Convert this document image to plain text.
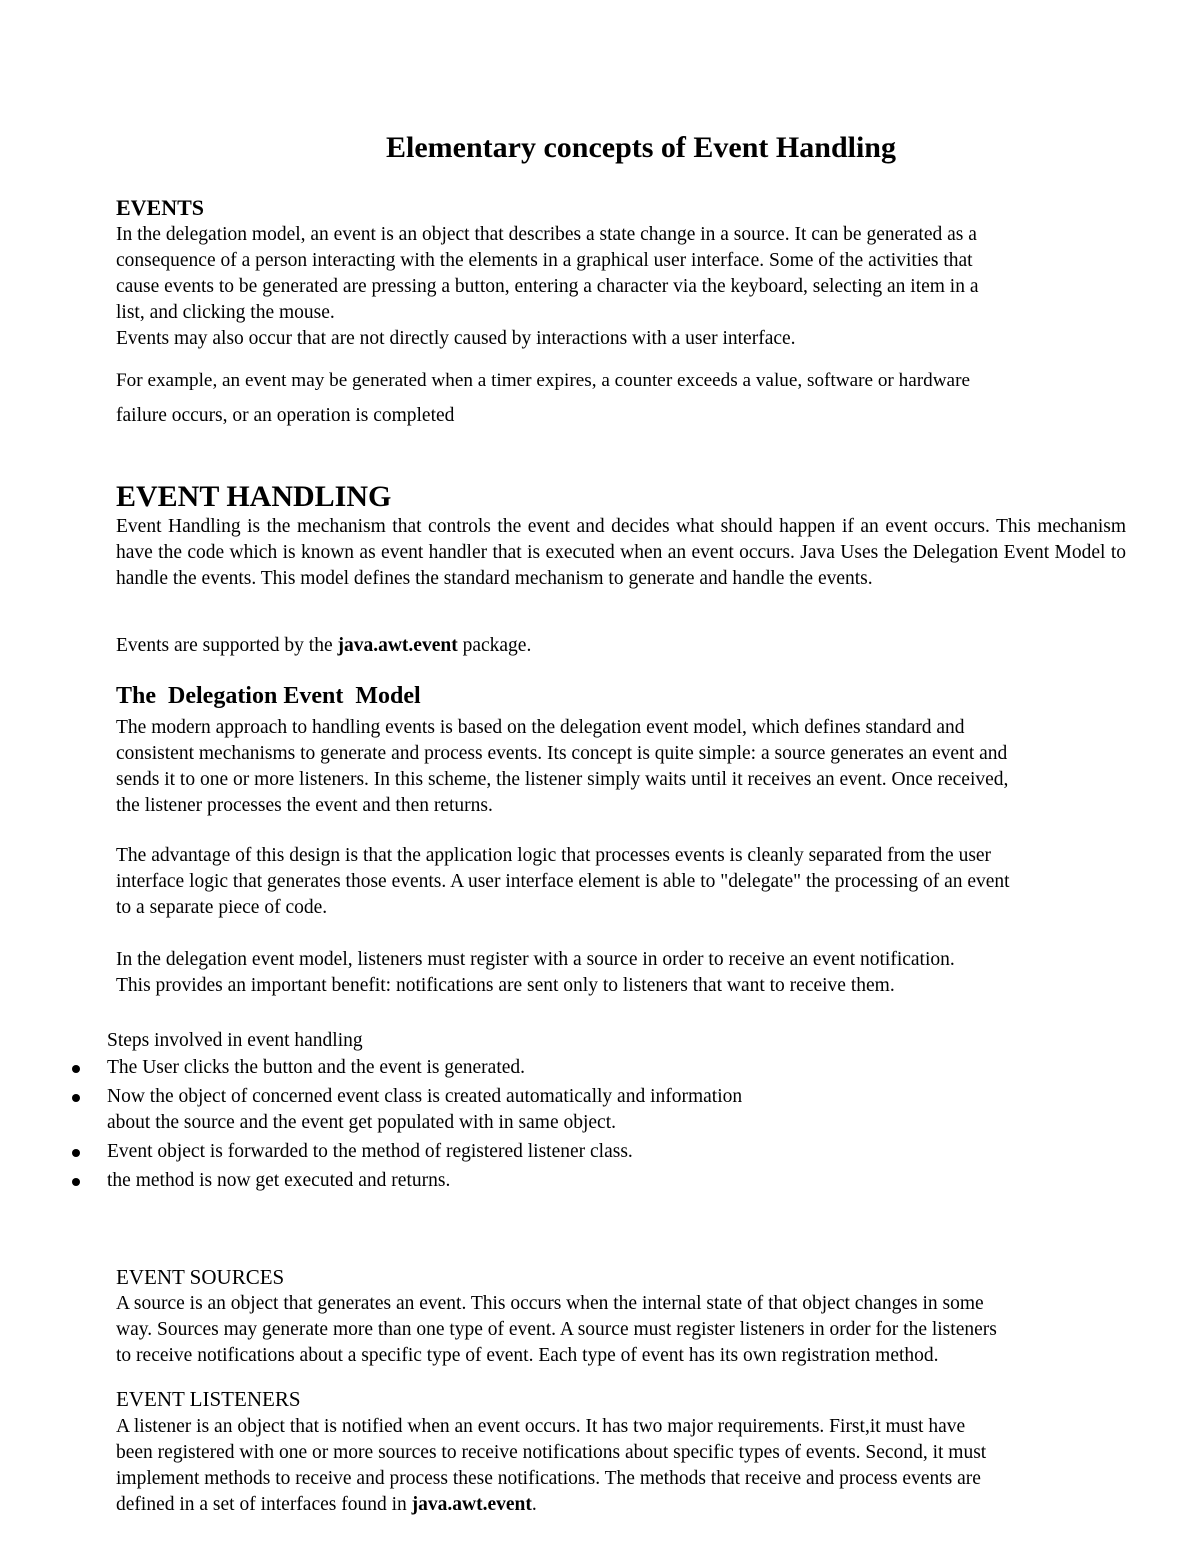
Elementary concepts of Event Handling
EVENTS
In the delegation model, an event is an object that describes a state change in a source. It can be generated as a
consequence of a person interacting with the elements in a graphical user interface. Some of the activities that
cause events to be generated are pressing a button, entering a character via the keyboard, selecting an item in a
list, and clicking the mouse.
Events may also occur that are not directly caused by interactions with a user interface.
For example, an event may be generated when a timer expires, a counter exceeds a value, software or hardware
failure occurs, or an operation is completed
EVENT HANDLING

Event Handling is the mechanism that controls the event and decides what should happen if an event occurs. This mechanism have the code which is known as event handler that is executed when an event occurs. Java Uses the Delegation Event Model to handle the events. This model defines the standard mechanism to generate and handle the events.

Events are supported by the java.awt.event package.
The  Delegation Event  Model
The modern approach to handling events is based on the delegation event model, which defines standard and
consistent mechanisms to generate and process events. Its concept is quite simple: a source generates an event and
sends it to one or more listeners. In this scheme, the listener simply waits until it receives an event. Once received,
the listener processes the event and then returns.
The advantage of this design is that the application logic that processes events is cleanly separated from the user
interface logic that generates those events. A user interface element is able to "delegate" the processing of an event
to a separate piece of code.
In the delegation event model, listeners must register with a source in order to receive an event notification.
This provides an important benefit: notifications are sent only to listeners that want to receive them.
Steps involved in event handling
The User clicks the button and the event is generated.
Now the object of concerned event class is created automatically and information
about the source and the event get populated with in same object.
Event object is forwarded to the method of registered listener class.
the method is now get executed and returns.
EVENT SOURCES
A source is an object that generates an event. This occurs when the internal state of that object changes in some
way. Sources may generate more than one type of event. A source must register listeners in order for the listeners
to receive notifications about a specific type of event. Each type of event has its own registration method.
EVENT LISTENERS
A listener is an object that is notified when an event occurs. It has two major requirements. First,it must have
been registered with one or more sources to receive notifications about specific types of events. Second, it must
implement methods to receive and process these notifications. The methods that receive and process events are
defined in a set of interfaces found in java.awt.event.
